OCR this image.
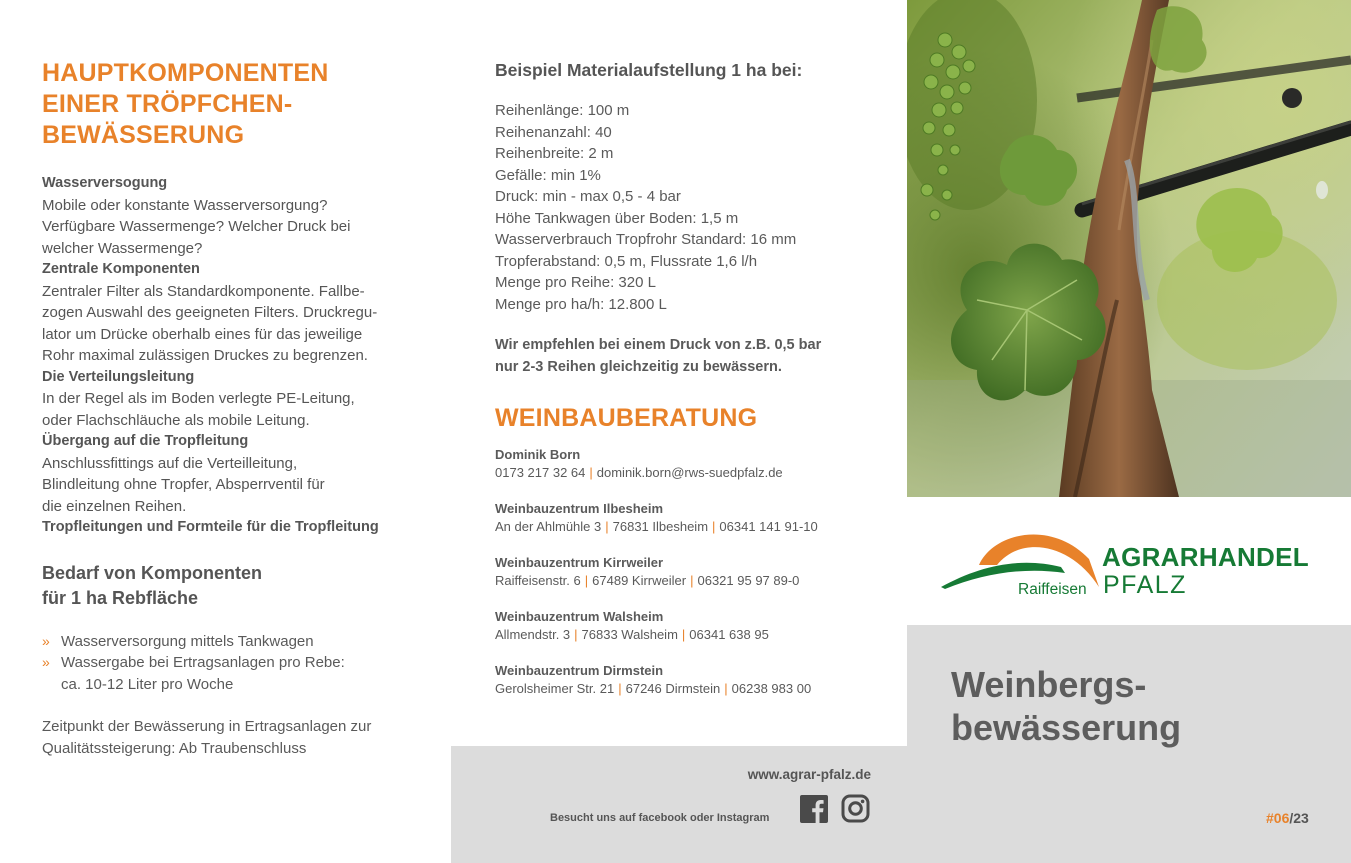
HAUPTKOMPONENTEN
EINER TRÖPFCHEN-
BEWÄSSERUNG
Wasserversogung
Mobile oder konstante Wasserversorgung?
Verfügbare Wassermenge? Welcher Druck bei
welcher Wassermenge?
Zentrale Komponenten
Zentraler Filter als Standardkomponente. Fallbe-
zogen Auswahl des geeigneten Filters. Druckregu-
lator um Drücke oberhalb eines für das jeweilige
Rohr maximal zulässigen Druckes zu begrenzen.
Die Verteilungsleitung
In der Regel als im Boden verlegte PE-Leitung,
oder Flachschläuche als mobile Leitung.
Übergang auf die Tropfleitung
Anschlussfittings auf die Verteilleitung,
Blindleitung ohne Tropfer, Absperrventil für
die einzelnen Reihen.
Tropfleitungen und Formteile für die Tropfleitung
Bedarf von Komponenten
für 1 ha Rebfläche
» Wasserversorgung mittels Tankwagen
» Wassergabe bei Ertragsanlagen pro Rebe:
ca. 10-12 Liter pro Woche

Zeitpunkt der Bewässerung in Ertragsanlagen zur
Qualitätssteigerung: Ab Traubenschluss

Beispiel Materialaufstellung 1 ha bei:
Reihenlänge: 100 m
Reihenanzahl: 40
Reihenbreite: 2 m
Gefälle: min 1%
Druck: min - max 0,5 - 4 bar
Höhe Tankwagen über Boden: 1,5 m
Wasserverbrauch Tropfrohr Standard: 16 mm
Tropferabstand: 0,5 m, Flussrate 1,6 l/h
Menge pro Reihe: 320 L
Menge pro ha/h: 12.800 L

Wir empfehlen bei einem Druck von z.B. 0,5 bar
nur 2-3 Reihen gleichzeitig zu bewässern.

WEINBAUBERATUNG
Dominik Born
0173 217 32 64 | dominik.born@rws-suedpfalz.de
Weinbauzentrum Ilbesheim
An der Ahlmühle 3 | 76831 Ilbesheim | 06341 141 91-10
Weinbauzentrum Kirrweiler
Raiffeisenstr. 6 | 67489 Kirrweiler | 06321 95 97 89-0
Weinbauzentrum Walsheim
Allmendstr. 3 | 76833 Walsheim | 06341 638 95
Weinbauzentrum Dirmstein
Gerolsheimer Str. 21 | 67246 Dirmstein | 06238 983 00
www.agrar-pfalz.de
Besucht uns auf facebook oder Instagram
AGRARHANDEL
Raiffeisen PFALZ
Weinbergs-
bewässerung
#06/23
